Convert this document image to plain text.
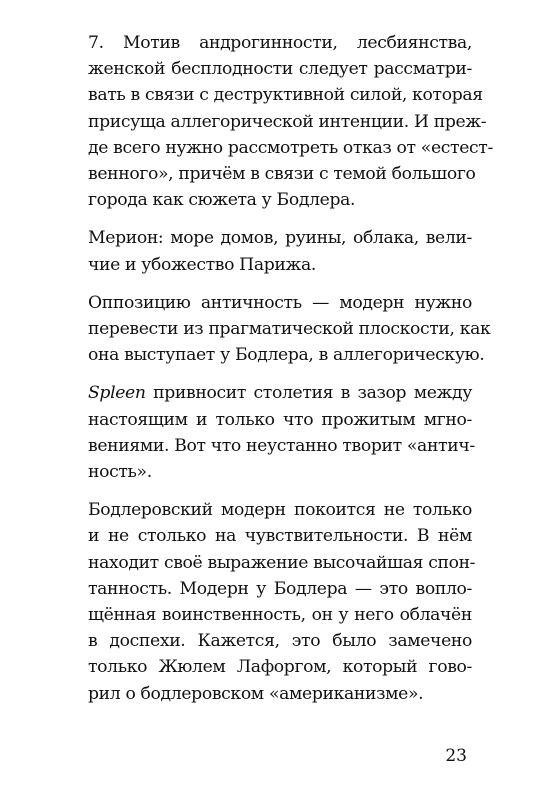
7. Мотив андрогинности, лесбиянства,
женской бесплодности следует рассматри-
вать в связи с деструктивной силой, которая
присуща аллегорической интенции. И преж-
де всего нужно рассмотреть отказ от «естест-
венного», причём в связи с темой большого
города как сюжета у Бодлера.

Мерион: море домов, руины, облака, вели-
чие и убожество Парижа.

Оппозицию античность — модерн нужно
перевести из прагматической плоскости, как
она выступает у Бодлера, в аллегорическую.

Spleen привносит столетия в зазор между
настоящим и только что прожитым мгно-
вениями. Вот что неустанно творит «антич-
ность».

Бодлеровский модерн покоится не только
и не столько на чувствительности. В нём
находит своё выражение высочайшая спон-
танность. Модерн у Бодлера — это вопло-
щённая воинственность, он у него облачён
в доспехи. Кажется, это было замечено
только Жюлем Лафоргом, который гово-
рил о бодлеровском «американизме».

23
